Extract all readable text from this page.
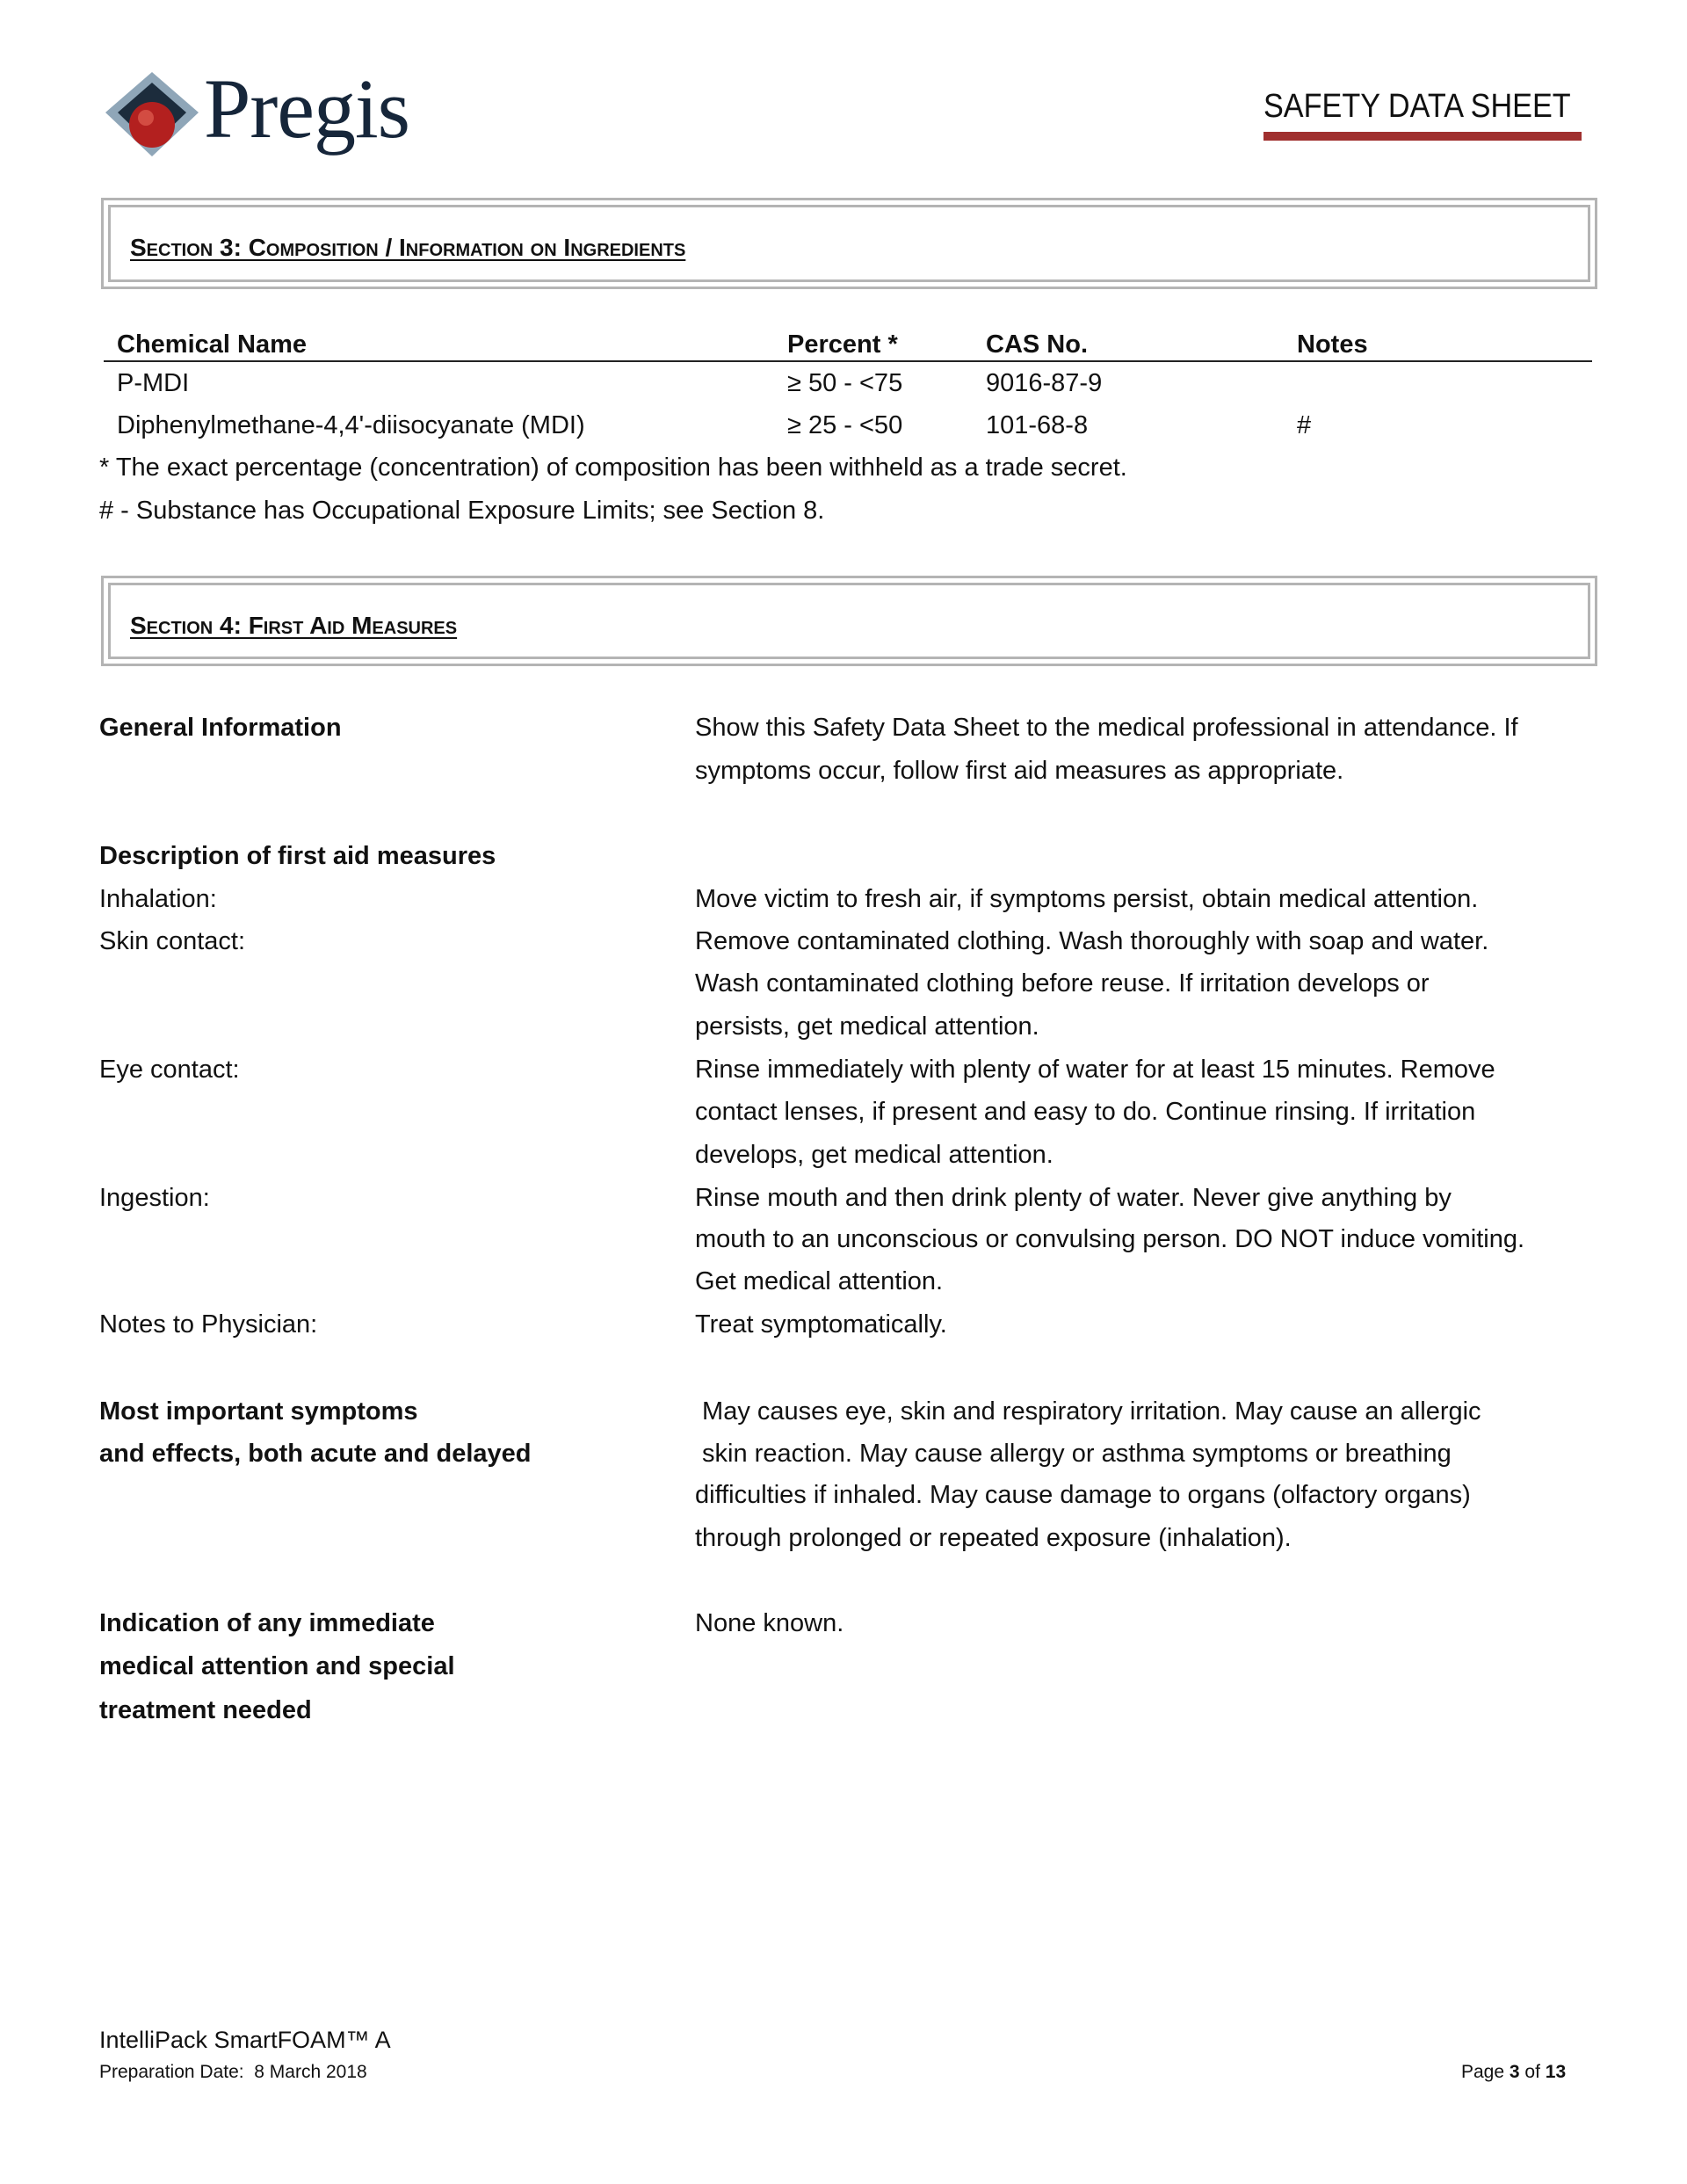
Pregis	SAFETY DATA SHEET
Section 3: Composition / Information on Ingredients
Chemical Name	Percent *	CAS No.	Notes
P-MDI	≥ 50 - <75	9016-87-9
Diphenylmethane-4,4'-diisocyanate (MDI)	≥ 25 - <50	101-68-8	#
* The exact percentage (concentration) of composition has been withheld as a trade secret.
# - Substance has Occupational Exposure Limits; see Section 8.
Section 4: First Aid Measures
General Information	Show this Safety Data Sheet to the medical professional in attendance. If
symptoms occur, follow first aid measures as appropriate.
Description of first aid measures
Inhalation:	Move victim to fresh air, if symptoms persist, obtain medical attention.
Skin contact:	Remove contaminated clothing. Wash thoroughly with soap and water.
Wash contaminated clothing before reuse. If irritation develops or
persists, get medical attention.
Eye contact:	Rinse immediately with plenty of water for at least 15 minutes. Remove
contact lenses, if present and easy to do. Continue rinsing. If irritation
develops, get medical attention.
Ingestion:	Rinse mouth and then drink plenty of water. Never give anything by
mouth to an unconscious or convulsing person. DO NOT induce vomiting.
Get medical attention.
Notes to Physician:	Treat symptomatically.
Most important symptoms
and effects, both acute and delayed
May causes eye, skin and respiratory irritation. May cause an allergic
skin reaction. May cause allergy or asthma symptoms or breathing
difficulties if inhaled. May cause damage to organs (olfactory organs)
through prolonged or repeated exposure (inhalation).
Indication of any immediate
medical attention and special
treatment needed
None known.
IntelliPack SmartFOAM™ A
Preparation Date:  8 March 2018	Page 3 of 13
